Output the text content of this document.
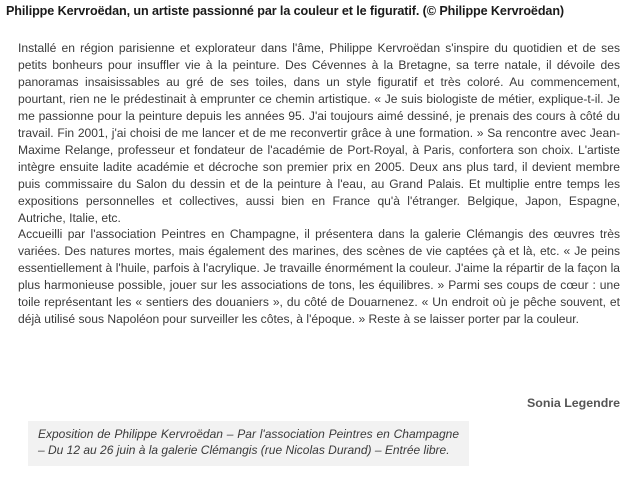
Philippe Kervroëdan, un artiste passionné par la couleur et le figuratif. (© Philippe Kervroëdan)

Installé en région parisienne et explorateur dans l'âme, Philippe Kervroëdan s'inspire du quotidien et de ses petits bonheurs pour insuffler vie à la peinture. Des Cévennes à la Bretagne, sa terre natale, il dévoile des panoramas insaisissables au gré de ses toiles, dans un style figuratif et très coloré. Au commencement, pourtant, rien ne le prédestinait à emprunter ce chemin artistique. « Je suis biologiste de métier, explique-t-il. Je me passionne pour la peinture depuis les années 95. J'ai toujours aimé dessiné, je prenais des cours à côté du travail. Fin 2001, j'ai choisi de me lancer et de me reconvertir grâce à une formation. » Sa rencontre avec Jean-Maxime Relange, professeur et fondateur de l'académie de Port-Royal, à Paris, confortera son choix. L'artiste intègre ensuite ladite académie et décroche son premier prix en 2005. Deux ans plus tard, il devient membre puis commissaire du Salon du dessin et de la peinture à l'eau, au Grand Palais. Et multiplie entre temps les expositions personnelles et collectives, aussi bien en France qu'à l'étranger. Belgique, Japon, Espagne, Autriche, Italie, etc.

Accueilli par l'association Peintres en Champagne, il présentera dans la galerie Clémangis des œuvres très variées. Des natures mortes, mais également des marines, des scènes de vie captées çà et là, etc. « Je peins essentiellement à l'huile, parfois à l'acrylique. Je travaille énormément la couleur. J'aime la répartir de la façon la plus harmonieuse possible, jouer sur les associations de tons, les équilibres. » Parmi ses coups de cœur : une toile représentant les « sentiers des douaniers », du côté de Douarnenez. « Un endroit où je pêche souvent, et déjà utilisé sous Napoléon pour surveiller les côtes, à l'époque. » Reste à se laisser porter par la couleur.

Sonia Legendre
Exposition de Philippe Kervroëdan – Par l'association Peintres en Champagne – Du 12 au 26 juin à la galerie Clémangis (rue Nicolas Durand) – Entrée libre.
